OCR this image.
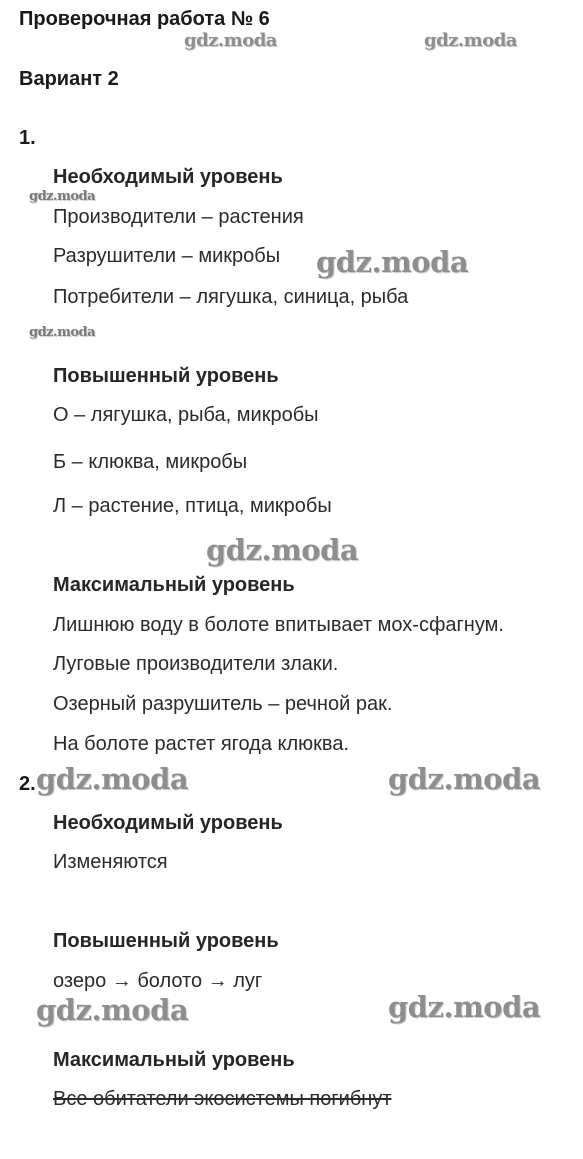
Проверочная работа № 6
Вариант 2
1.
Необходимый уровень
Производители – растения
Разрушители – микробы
Потребители – лягушка, синица, рыба
Повышенный уровень
О – лягушка, рыба, микробы
Б – клюква, микробы
Л – растение, птица, микробы
Максимальный уровень
Лишнюю воду в болоте впитывает мох-сфагнум.
Луговые производители злаки.
Озерный разрушитель – речной рак.
На болоте растет ягода клюква.
2.
Необходимый уровень
Изменяются
Повышенный уровень
озеро → болото → луг
Максимальный уровень
Все обитатели экосистемы погибнут
gdz.moda	gdz.moda
gdz.moda
gdz.moda
gdz.moda
gdz.moda
gdz.moda	gdz.moda
gdz.moda	gdz.moda
